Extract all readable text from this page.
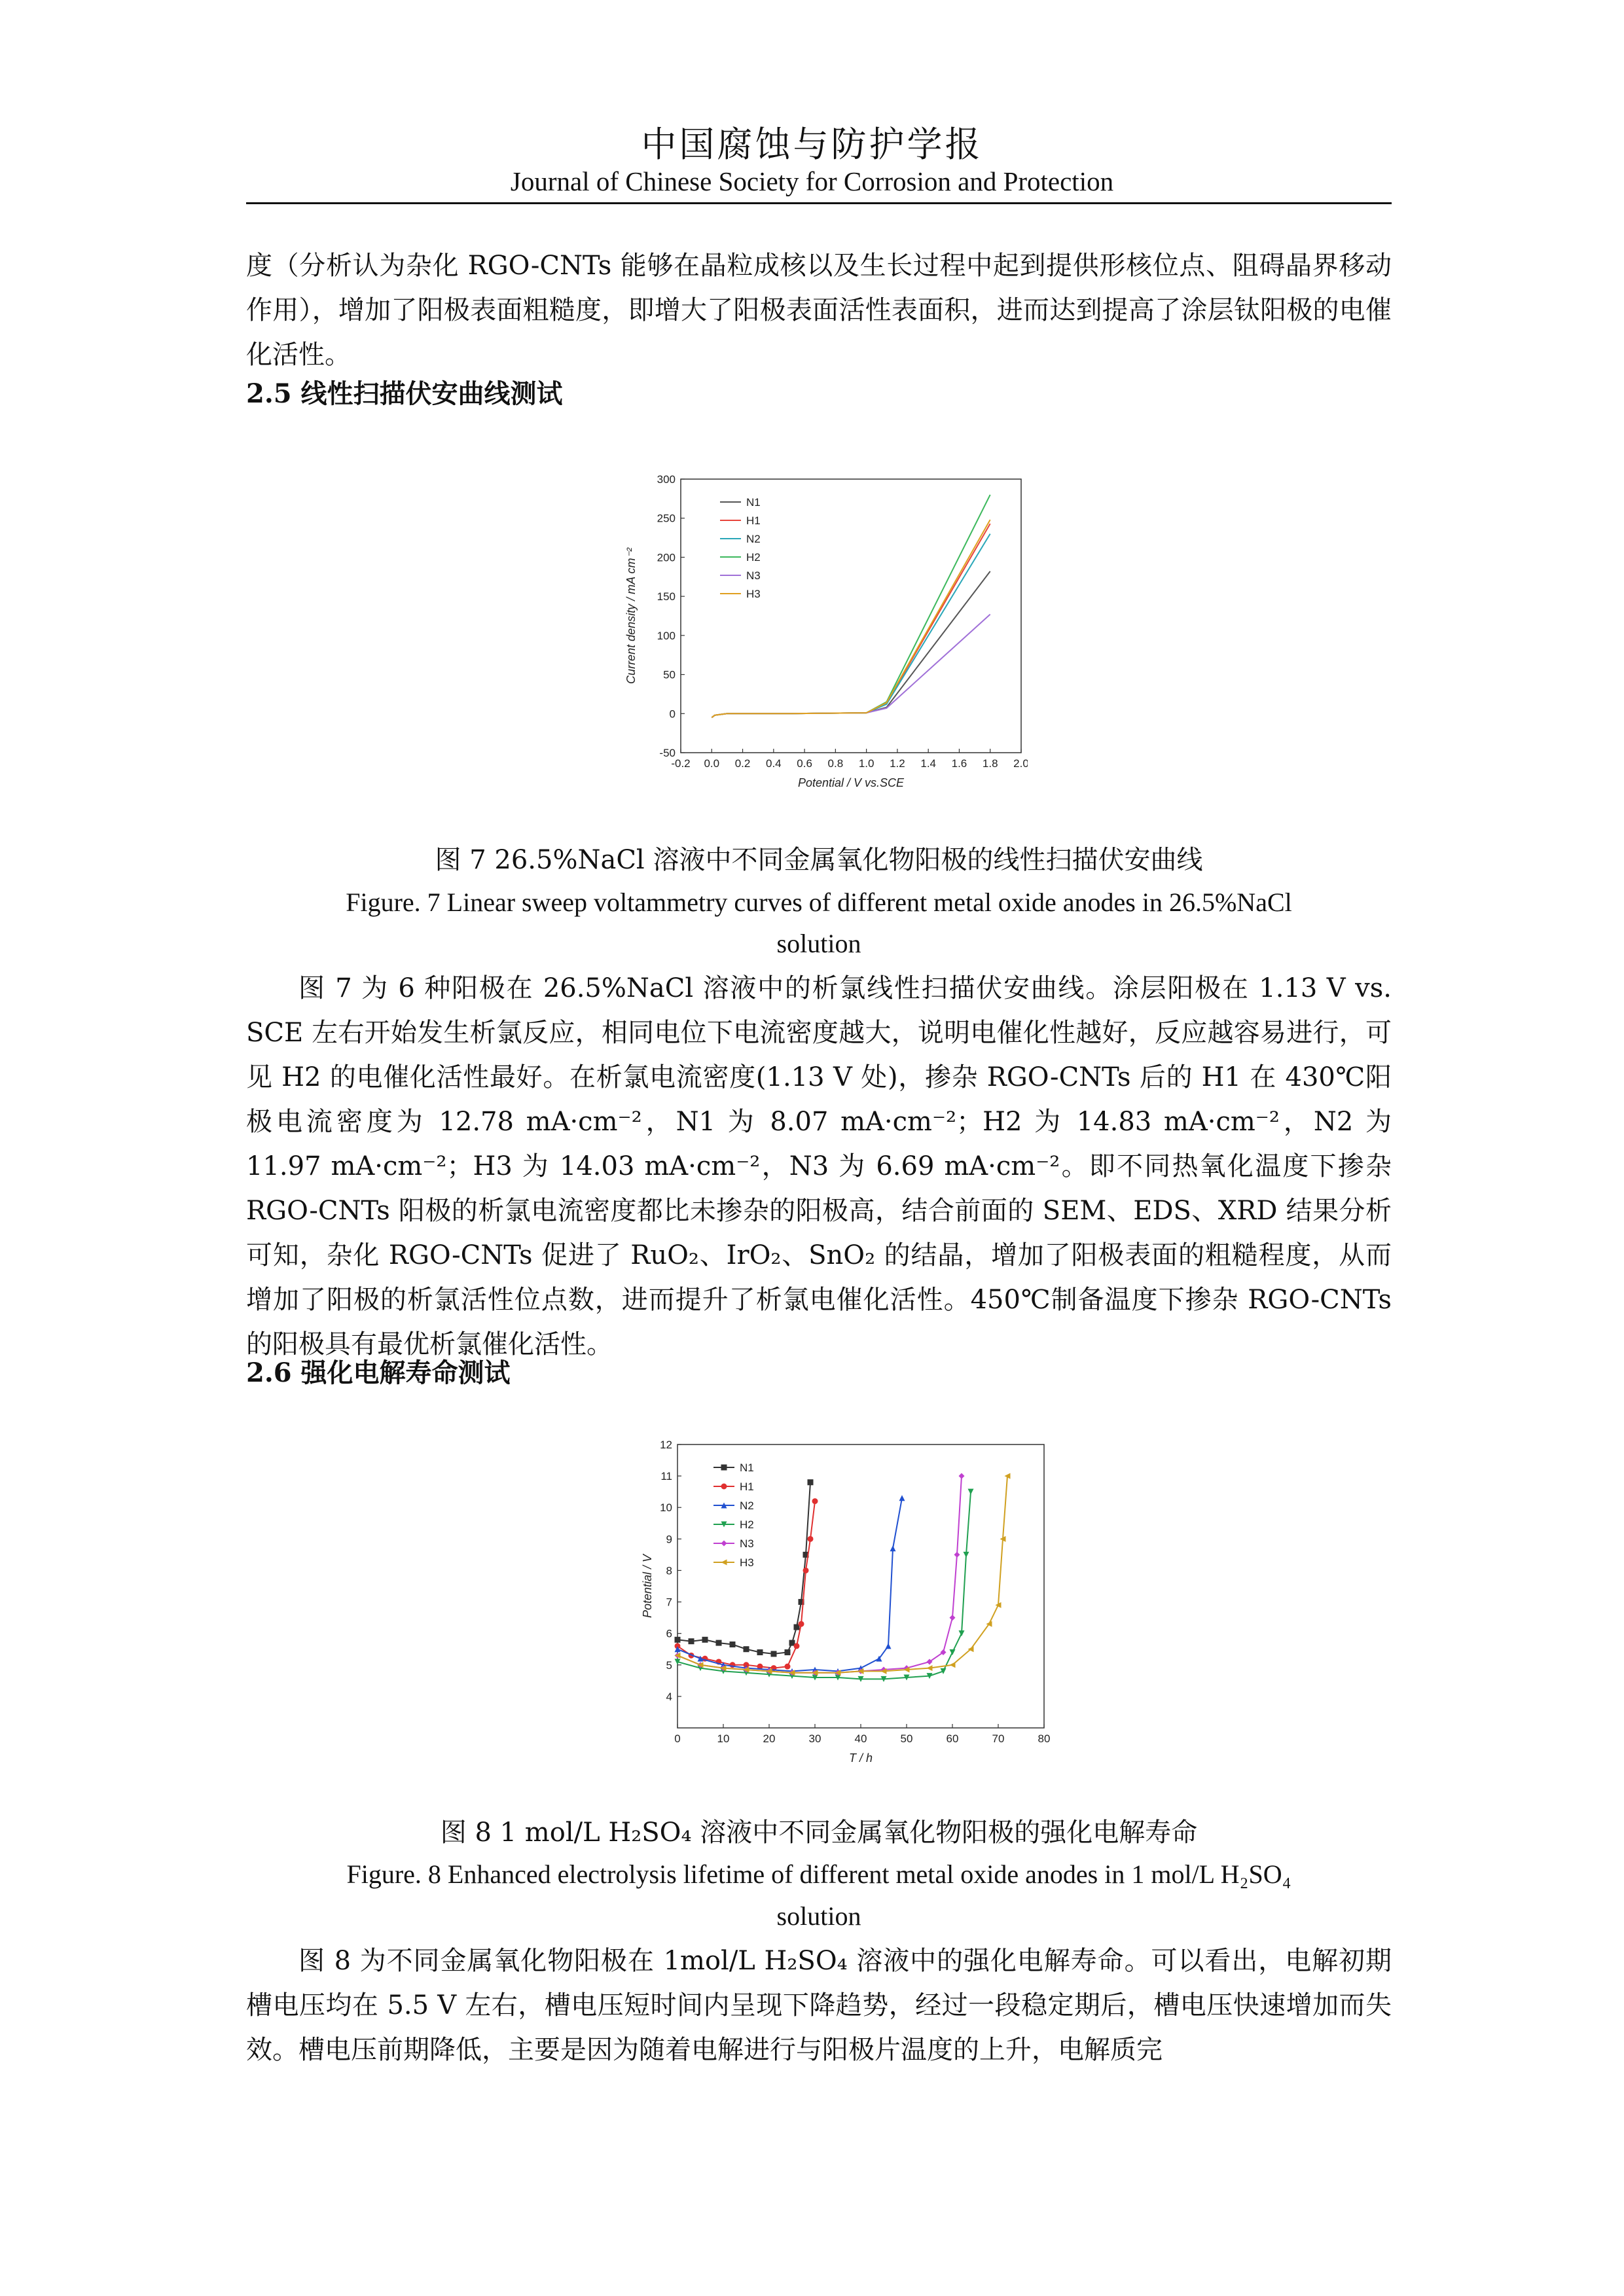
中国腐蚀与防护学报
Journal of Chinese Society for Corrosion and Protection

度（分析认为杂化 RGO-CNTs 能够在晶粒成核以及生长过程中起到提供形核位点、阻碍晶界移动作用），增加了阳极表面粗糙度，即增大了阳极表面活性表面积，进而达到提高了涂层钛阳极的电催化活性。

2.5 线性扫描伏安曲线测试

-0.2 0.0 0.2 0.4 0.6 0.8 1.0 1.2 1.4 1.6 1.8 2.0
-50
0
50
100
150
200
250
300
Potential / V vs.SCE
Current density / mA cm⁻²
N1
H1
N2
H2
N3
H3
图 7 26.5%NaCl 溶液中不同金属氧化物阳极的线性扫描伏安曲线
Figure. 7 Linear sweep voltammetry curves of different metal oxide anodes in 26.5%NaCl
solution

图 7 为 6 种阳极在 26.5%NaCl 溶液中的析氯线性扫描伏安曲线。涂层阳极在 1.13 V vs. SCE 左右开始发生析氯反应，相同电位下电流密度越大，说明电催化性越好，反应越容易进行，可见 H2 的电催化活性最好。在析氯电流密度(1.13 V 处)，掺杂 RGO-CNTs 后的 H1 在 430℃阳极电流密度为 12.78 mA·cm⁻²，N1 为 8.07 mA·cm⁻²；H2 为 14.83 mA·cm⁻²，N2 为 11.97 mA·cm⁻²；H3 为 14.03 mA·cm⁻²，N3 为 6.69 mA·cm⁻²。即不同热氧化温度下掺杂 RGO-CNTs 阳极的析氯电流密度都比未掺杂的阳极高，结合前面的 SEM、EDS、XRD 结果分析可知，杂化 RGO-CNTs 促进了 RuO₂、IrO₂、SnO₂ 的结晶，增加了阳极表面的粗糙程度，从而增加了阳极的析氯活性位点数，进而提升了析氯电催化活性。450℃制备温度下掺杂 RGO-CNTs 的阳极具有最优析氯催化活性。

2.6 强化电解寿命测试

0	10	20	30	40	50	60	70	80
4
5
6
7
8
9
10
11
12
T / h
Potential / V
N1
H1
N2
H2
N3
H3
图 8 1 mol/L H₂SO₄ 溶液中不同金属氧化物阳极的强化电解寿命
Figure. 8 Enhanced electrolysis lifetime of different metal oxide anodes in 1 mol/L H₂SO₄
solution

图 8 为不同金属氧化物阳极在 1mol/L H₂SO₄ 溶液中的强化电解寿命。可以看出，电解初期槽电压均在 5.5 V 左右，槽电压短时间内呈现下降趋势，经过一段稳定期后，槽电压快速增加而失效。槽电压前期降低，主要是因为随着电解进行与阳极片温度的上升，电解质完
